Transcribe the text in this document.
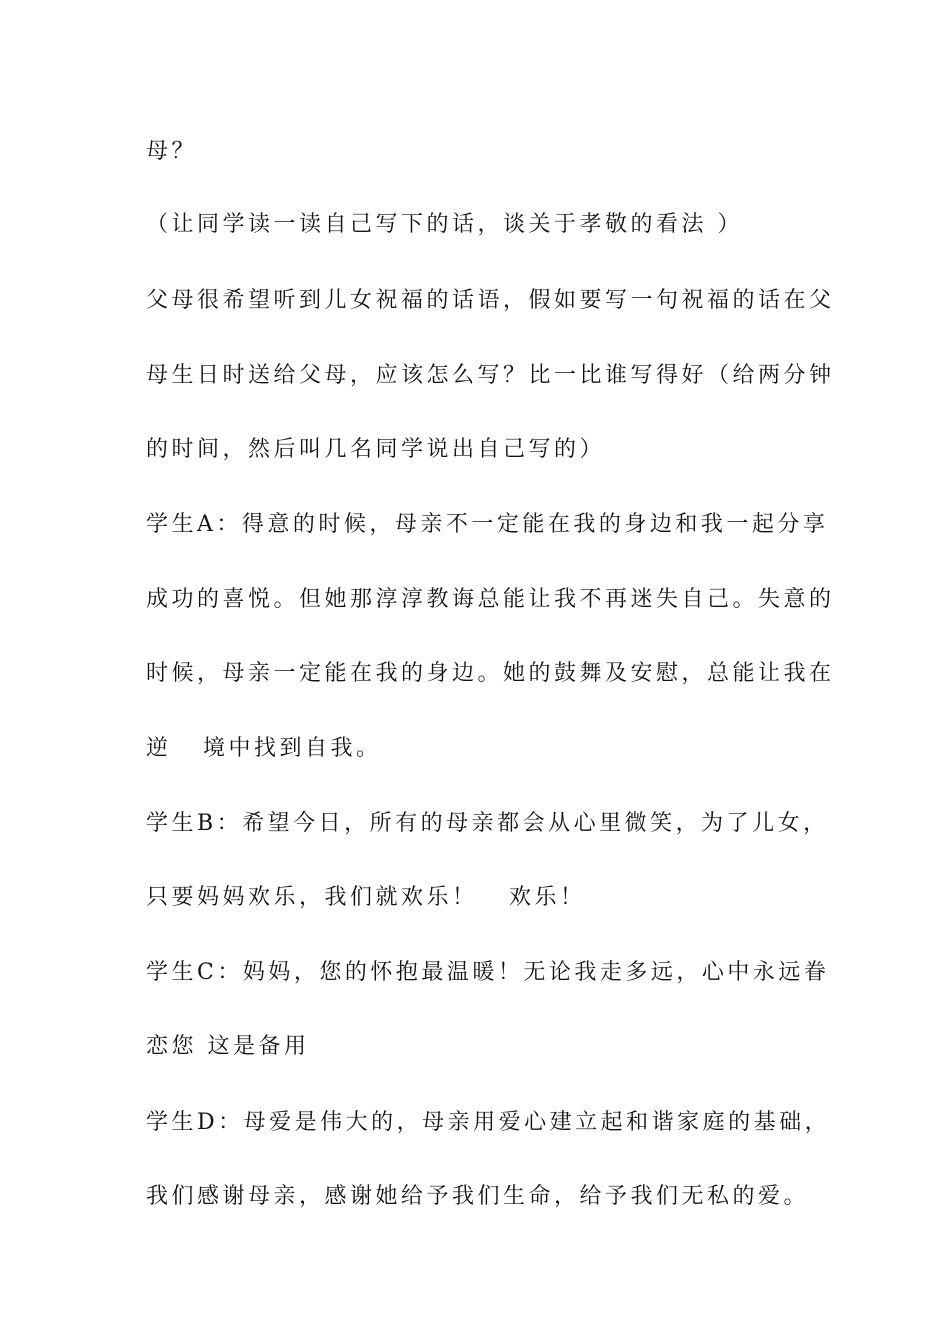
母？
（让同学读一读自己写下的话，谈关于孝敬的看法 ）
父母很希望听到儿女祝福的话语，假如要写一句祝福的话在父
母生日时送给父母，应该怎么写？比一比谁写得好（给两分钟
的时间，然后叫几名同学说出自己写的）
学生A：得意的时候，母亲不一定能在我的身边和我一起分享
成功的喜悦。但她那淳淳教诲总能让我不再迷失自己。失意的
时候，母亲一定能在我的身边。她的鼓舞及安慰，总能让我在
逆   境中找到自我。
学生B：希望今日，所有的母亲都会从心里微笑，为了儿女，
只要妈妈欢乐，我们就欢乐！   欢乐！
学生C：妈妈，您的怀抱最温暖！无论我走多远，心中永远眷
恋您 这是备用
学生D：母爱是伟大的，母亲用爱心建立起和谐家庭的基础，
我们感谢母亲，感谢她给予我们生命，给予我们无私的爱。
